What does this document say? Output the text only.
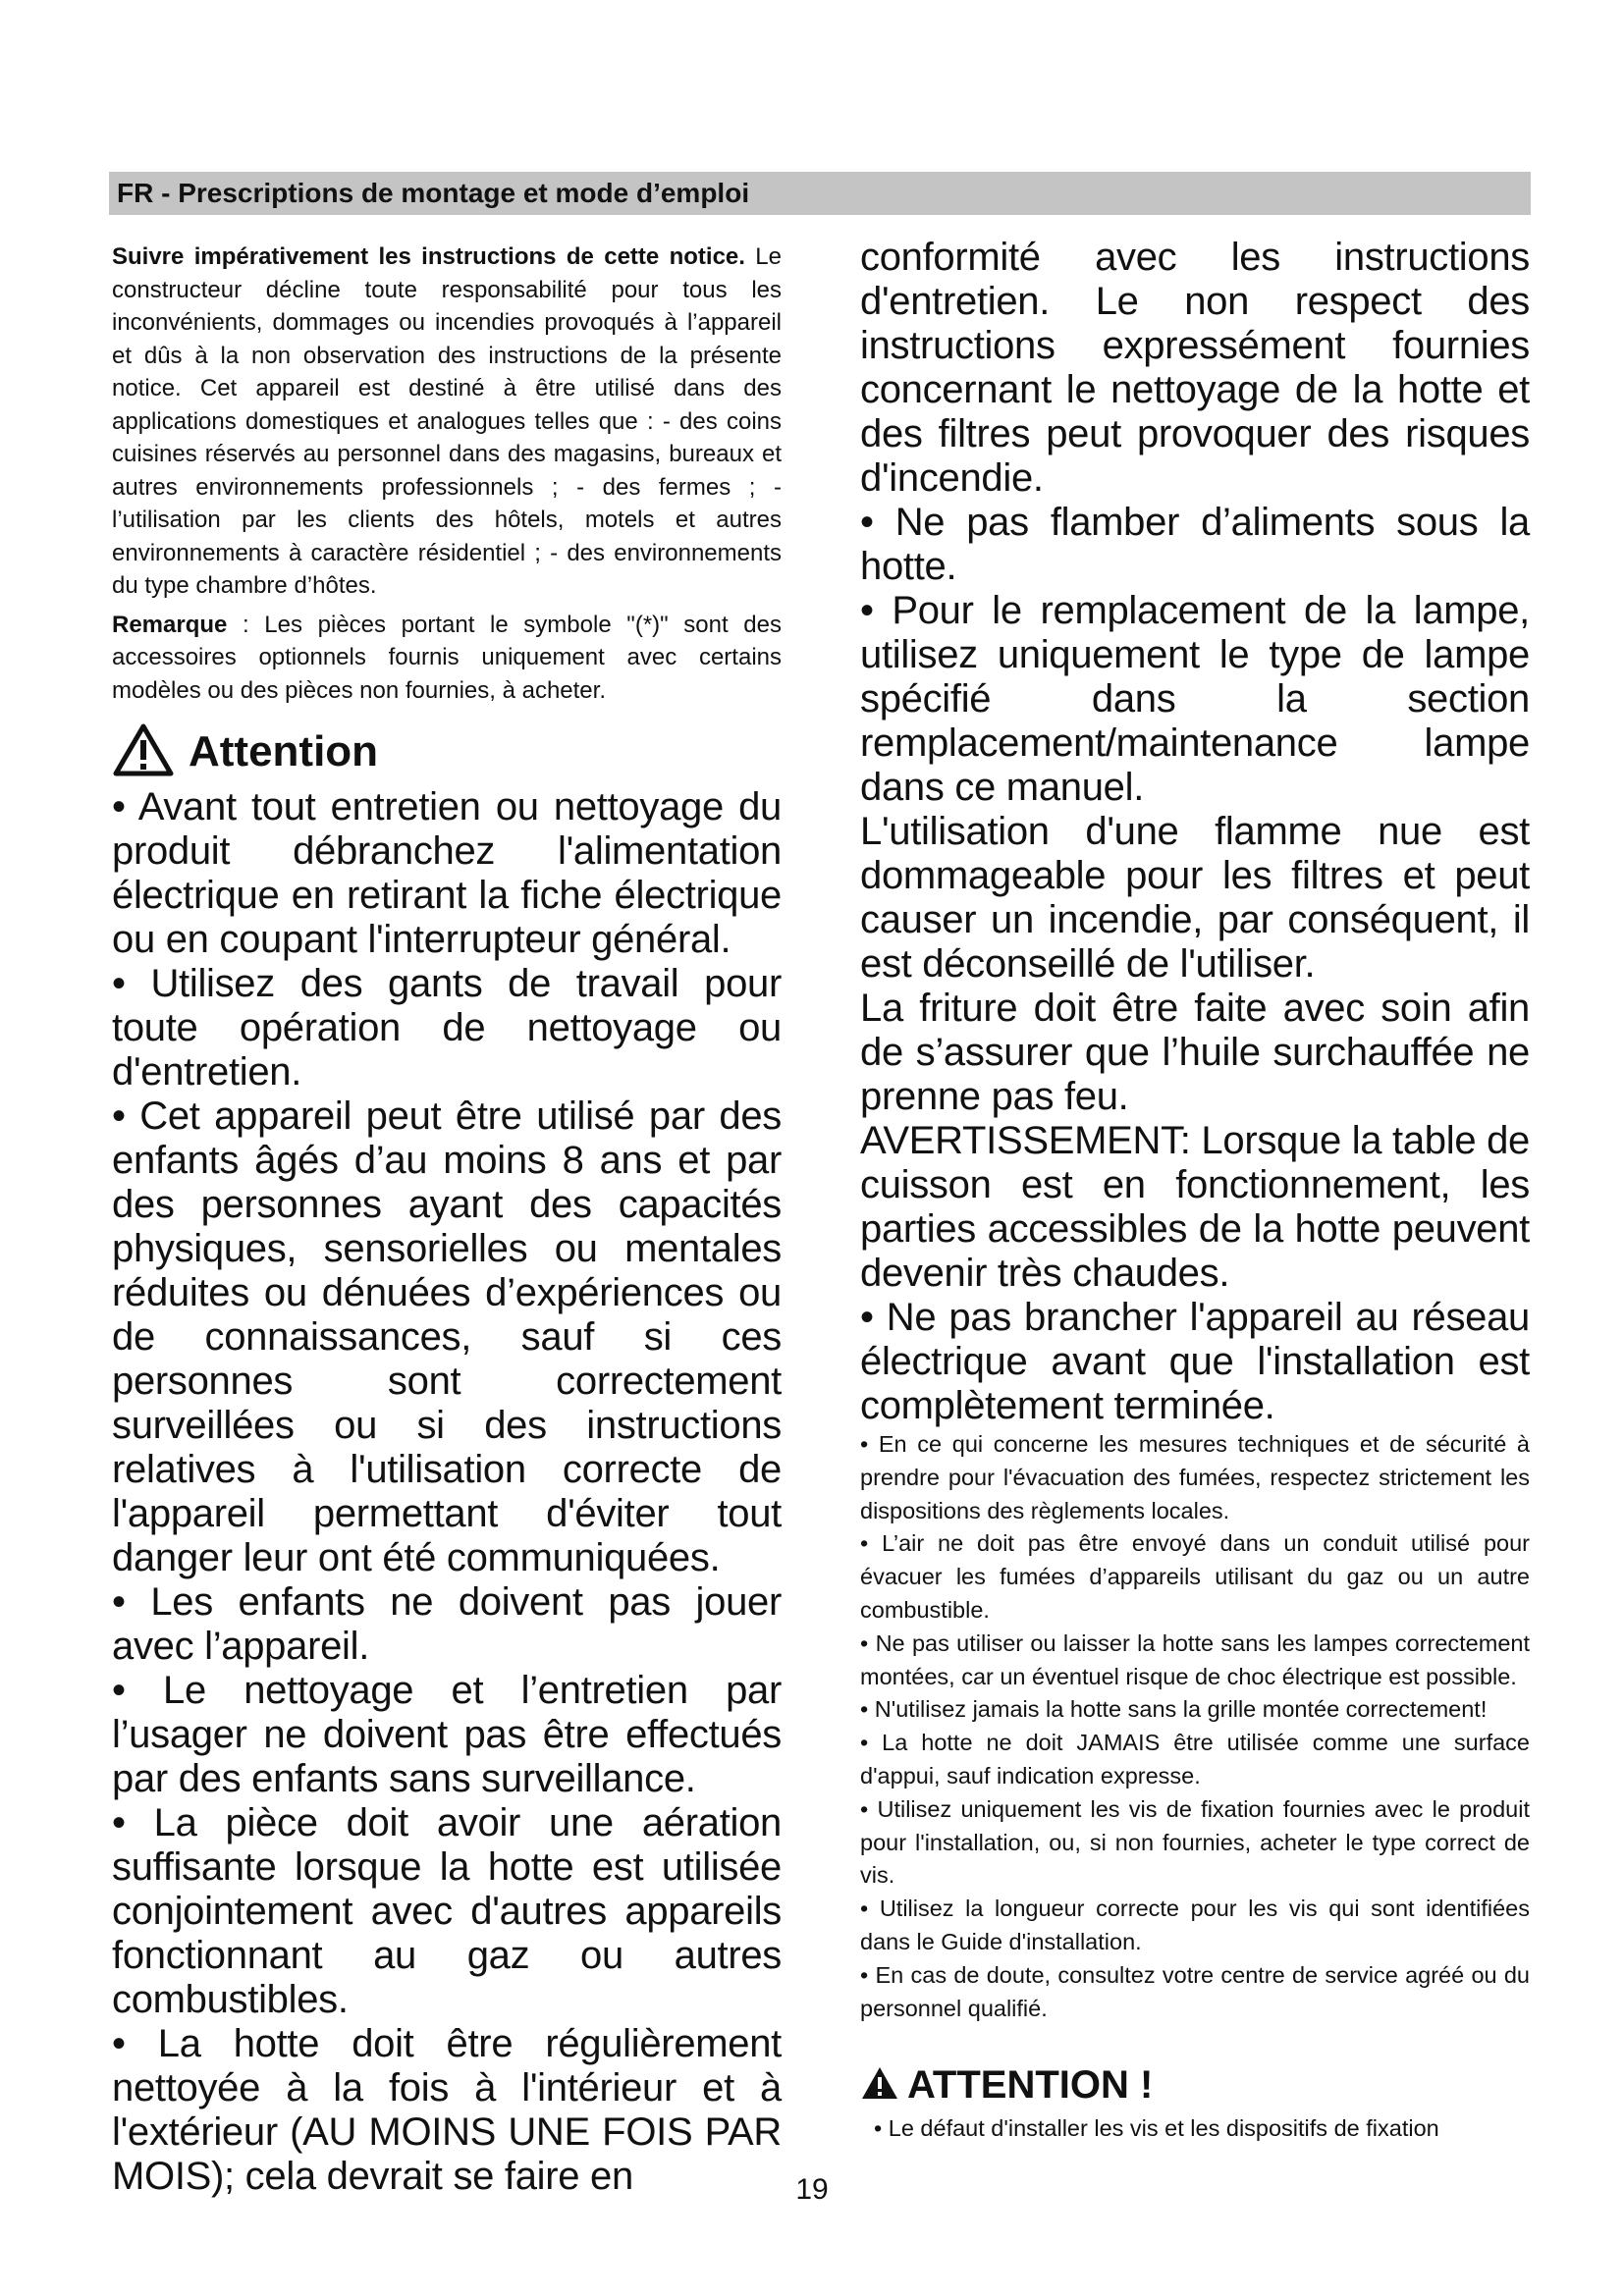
FR - Prescriptions de montage et mode d’emploi

Suivre impérativement les instructions de cette notice. Le constructeur décline toute responsabilité pour tous les inconvénients, dommages ou incendies provoqués à l’appareil et dûs à la non observation des instructions de la présente notice. Cet appareil est destiné à être utilisé dans des applications domestiques et analogues telles que : - des coins cuisines réservés au personnel dans des magasins, bureaux et autres environnements professionnels ; - des fermes ; - l’utilisation par les clients des hôtels, motels et autres environnements à caractère résidentiel ; - des environnements du type chambre d’hôtes.

Remarque : Les pièces portant le symbole "(*)" sont des accessoires optionnels fournis uniquement avec certains modèles ou des pièces non fournies, à acheter.

Attention

• Avant tout entretien ou nettoyage du produit débranchez l'alimentation électrique en retirant la fiche électrique ou en coupant l'interrupteur général.

• Utilisez des gants de travail pour toute opération de nettoyage ou d'entretien.

• Cet appareil peut être utilisé par des enfants âgés d’au moins 8 ans et par des personnes ayant des capacités physiques, sensorielles ou mentales réduites ou dénuées d’expériences ou de connaissances, sauf si ces personnes sont correctement surveillées ou si des instructions relatives à l'utilisation correcte de l'appareil permettant d'éviter tout danger leur ont été communiquées.

• Les enfants ne doivent pas jouer avec l’appareil.

• Le nettoyage et l’entretien par l’usager ne doivent pas être effectués par des enfants sans surveillance.

• La pièce doit avoir une aération suffisante lorsque la hotte est utilisée conjointement avec d'autres appareils fonctionnant au gaz ou autres combustibles.

• La hotte doit être régulièrement nettoyée à la fois à l'intérieur et à l'extérieur (AU MOINS UNE FOIS PAR MOIS); cela devrait se faire en

conformité avec les instructions d'entretien. Le non respect des instructions expressément fournies concernant le nettoyage de la hotte et des filtres peut provoquer des risques d'incendie.

• Ne pas flamber d’aliments sous la hotte.

• Pour le remplacement de la lampe, utilisez uniquement le type de lampe spécifié dans la section remplacement/maintenance lampe dans ce manuel.

L'utilisation d'une flamme nue est dommageable pour les filtres et peut causer un incendie, par conséquent, il est déconseillé de l'utiliser.

La friture doit être faite avec soin afin de s’assurer que l’huile surchauffée ne prenne pas feu.

AVERTISSEMENT: Lorsque la table de cuisson est en fonctionnement, les parties accessibles de la hotte peuvent devenir très chaudes.

• Ne pas brancher l'appareil au réseau électrique avant que l'installation est complètement terminée.

• En ce qui concerne les mesures techniques et de sécurité à prendre pour l'évacuation des fumées, respectez strictement les dispositions des règlements locales.

• L’air ne doit pas être envoyé dans un conduit utilisé pour évacuer les fumées d’appareils utilisant du gaz ou un autre combustible.

• Ne pas utiliser ou laisser la hotte sans les lampes correctement montées, car un éventuel risque de choc électrique est possible.

• N'utilisez jamais la hotte sans la grille montée correctement!

• La hotte ne doit JAMAIS être utilisée comme une surface d'appui, sauf indication expresse.

• Utilisez uniquement les vis de fixation fournies avec le produit pour l'installation, ou, si non fournies, acheter le type correct de vis.

• Utilisez la longueur correcte pour les vis qui sont identifiées dans le Guide d'installation.

• En cas de doute, consultez votre centre de service agréé ou du personnel qualifié.

ATTENTION !

• Le défaut d'installer les vis et les dispositifs de fixation

19
